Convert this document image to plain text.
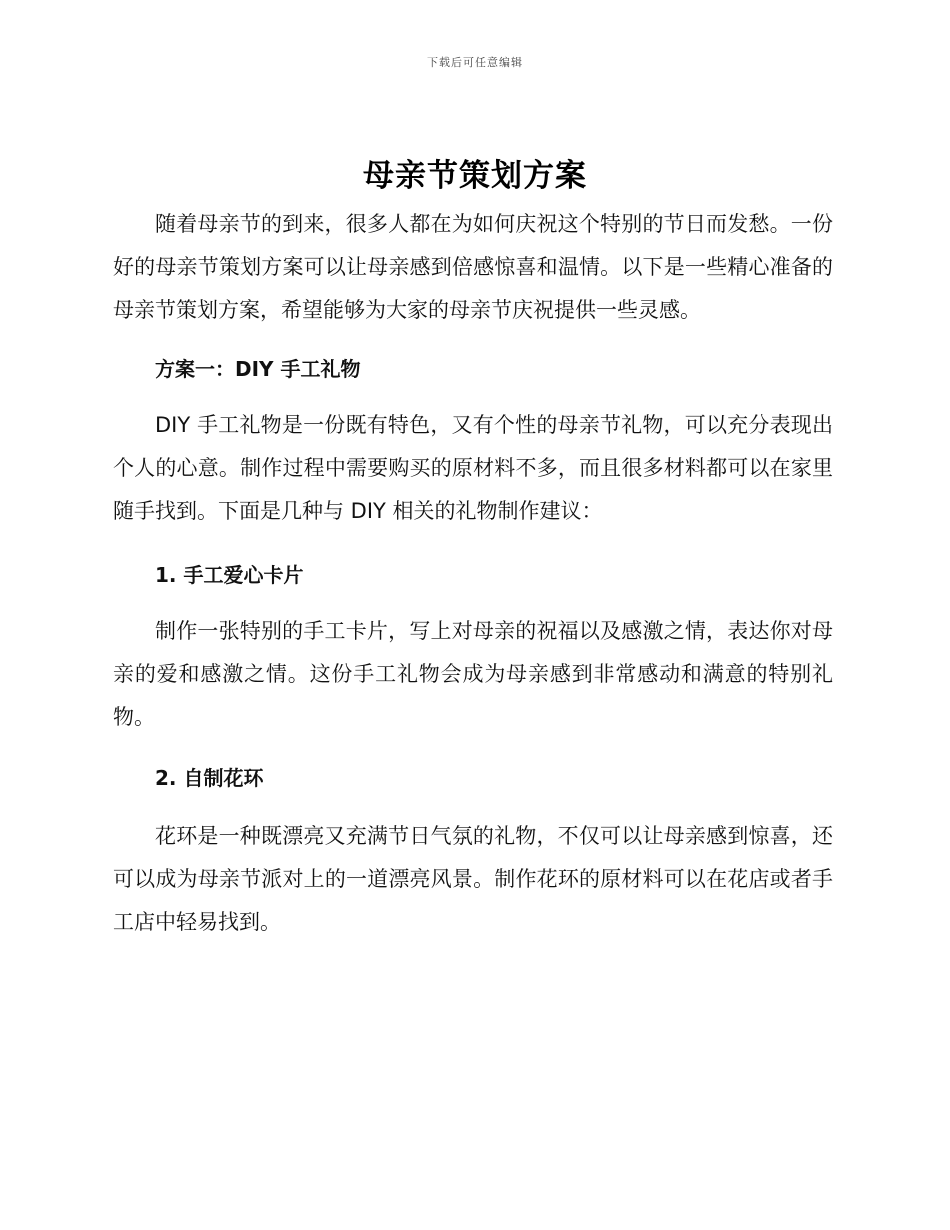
下载后可任意编辑
母亲节策划方案

随着母亲节的到来，很多人都在为如何庆祝这个特别的节日而发愁。一份好的母亲节策划方案可以让母亲感到倍感惊喜和温情。以下是一些精心准备的母亲节策划方案，希望能够为大家的母亲节庆祝提供一些灵感。

方案一：DIY 手工礼物

DIY 手工礼物是一份既有特色，又有个性的母亲节礼物，可以充分表现出个人的心意。制作过程中需要购买的原材料不多，而且很多材料都可以在家里随手找到。下面是几种与 DIY 相关的礼物制作建议：

1. 手工爱心卡片

制作一张特别的手工卡片，写上对母亲的祝福以及感激之情，表达你对母亲的爱和感激之情。这份手工礼物会成为母亲感到非常感动和满意的特别礼物。

2. 自制花环

花环是一种既漂亮又充满节日气氛的礼物，不仅可以让母亲感到惊喜，还可以成为母亲节派对上的一道漂亮风景。制作花环的原材料可以在花店或者手工店中轻易找到。
